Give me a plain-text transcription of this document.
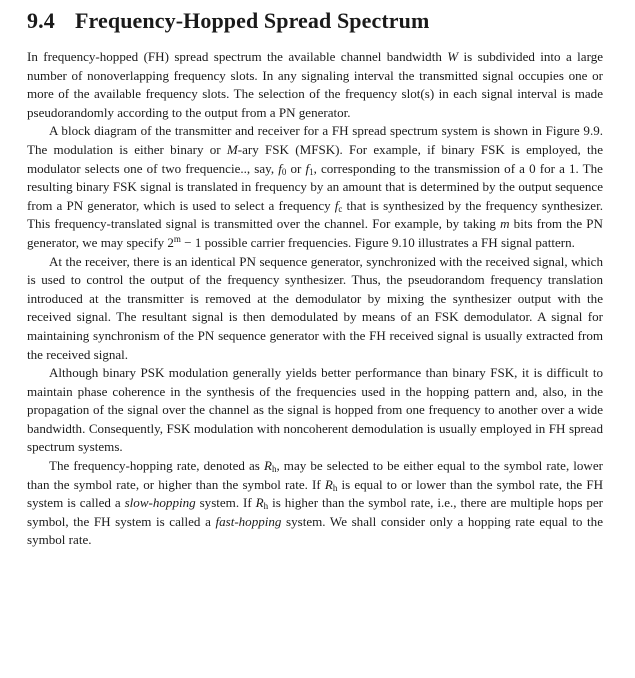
9.4 Frequency-Hopped Spread Spectrum

In frequency-hopped (FH) spread spectrum the available channel bandwidth W is subdivided into a large number of nonoverlapping frequency slots. In any signaling interval the transmitted signal occupies one or more of the available frequency slots. The selection of the frequency slot(s) in each signal interval is made pseudorandomly according to the output from a PN generator.

A block diagram of the transmitter and receiver for a FH spread spectrum system is shown in Figure 9.9. The modulation is either binary or M-ary FSK (MFSK). For example, if binary FSK is employed, the modulator selects one of two frequencie.., say, $f_0$ or $f_1$, corresponding to the transmission of a 0 for a 1. The resulting binary FSK signal is translated in frequency by an amount that is determined by the output sequence from a PN generator, which is used to select a frequency $f_c$ that is synthesized by the frequency synthesizer. This frequency-translated signal is transmitted over the channel. For example, by taking m bits from the PN generator, we may specify $2^m - 1$ possible carrier frequencies. Figure 9.10 illustrates a FH signal pattern.

At the receiver, there is an identical PN sequence generator, synchronized with the received signal, which is used to control the output of the frequency synthesizer. Thus, the pseudorandom frequency translation introduced at the transmitter is removed at the demodulator by mixing the synthesizer output with the received signal. The resultant signal is then demodulated by means of an FSK demodulator. A signal for maintaining synchronism of the PN sequence generator with the FH received signal is usually extracted from the received signal.

Although binary PSK modulation generally yields better performance than binary FSK, it is difficult to maintain phase coherence in the synthesis of the frequencies used in the hopping pattern and, also, in the propagation of the signal over the channel as the signal is hopped from one frequency to another over a wide bandwidth. Consequently, FSK modulation with noncoherent demodulation is usually employed in FH spread spectrum systems.

The frequency-hopping rate, denoted as $R_h$, may be selected to be either equal to the symbol rate, lower than the symbol rate, or higher than the symbol rate. If $R_h$ is equal to or lower than the symbol rate, the FH system is called a slow-hopping system. If $R_h$ is higher than the symbol rate, i.e., there are multiple hops per symbol, the FH system is called a fast-hopping system. We shall consider only a hopping rate equal to the symbol rate.
